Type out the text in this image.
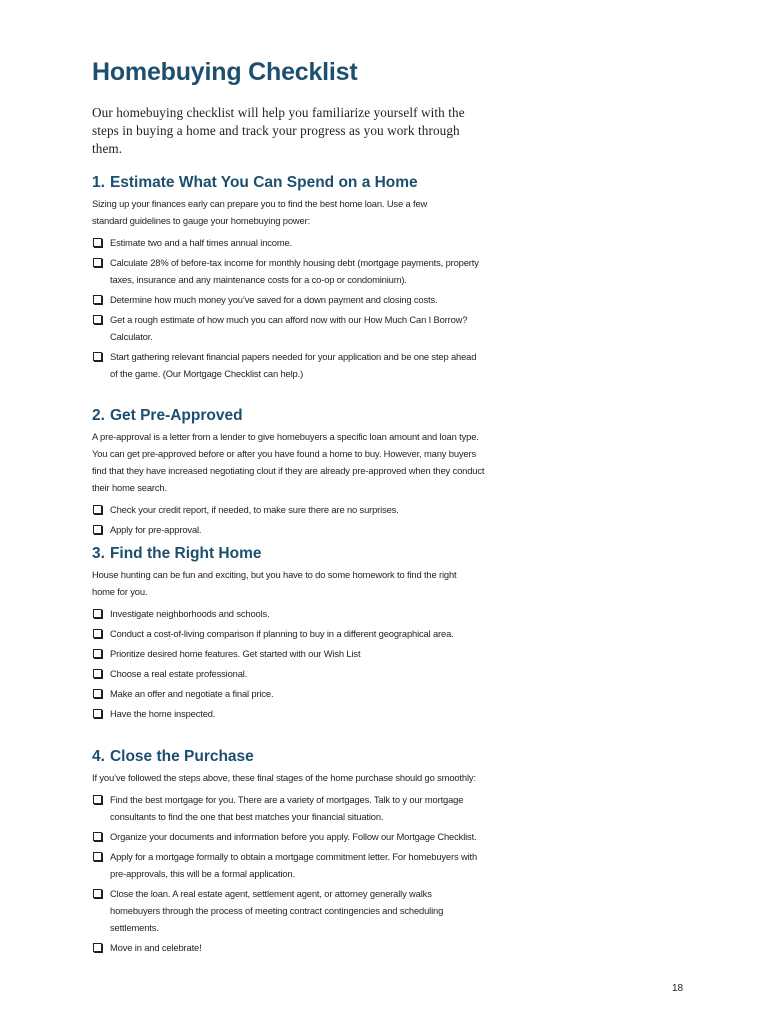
Homebuying Checklist

Our homebuying checklist will help you familiarize yourself with the steps in buying a home and track your progress as you work through them.

1. Estimate What You Can Spend on a Home

Sizing up your finances early can prepare you to find the best home loan. Use a few standard guidelines to gauge your homebuying power:

Estimate two and a half times annual income.
Calculate 28% of before-tax income for monthly housing debt (mortgage payments, property taxes, insurance and any maintenance costs for a co-op or condominium).
Determine how much money you’ve saved for a down payment and closing costs.
Get a rough estimate of how much you can afford now with our How Much Can I Borrow? Calculator.
Start gathering relevant financial papers needed for your application and be one step ahead of the game. (Our Mortgage Checklist can help.)
2. Get Pre-Approved

A pre-approval is a letter from a lender to give homebuyers a specific loan amount and loan type. You can get pre-approved before or after you have found a home to buy. However, many buyers find that they have increased negotiating clout if they are already pre-approved when they conduct their home search.

Check your credit report, if needed, to make sure there are no surprises.
Apply for pre-approval.
3. Find the Right Home

House hunting can be fun and exciting, but you have to do some homework to find the right home for you.

Investigate neighborhoods and schools.
Conduct a cost-of-living comparison if planning to buy in a different geographical area.
Prioritize desired home features. Get started with our Wish List
Choose a real estate professional.
Make an offer and negotiate a final price.
Have the home inspected.
4. Close the Purchase

If you’ve followed the steps above, these final stages of the home purchase should go smoothly:

Find the best mortgage for you. There are a variety of mortgages. Talk to y our mortgage consultants to find the one that best matches your financial situation.
Organize your documents and information before you apply. Follow our Mortgage Checklist.
Apply for a mortgage formally to obtain a mortgage commitment letter. For homebuyers with pre-approvals, this will be a formal application.
Close the loan. A real estate agent, settlement agent, or attorney generally walks homebuyers through the process of meeting contract contingencies and scheduling settlements.
Move in and celebrate!
18
